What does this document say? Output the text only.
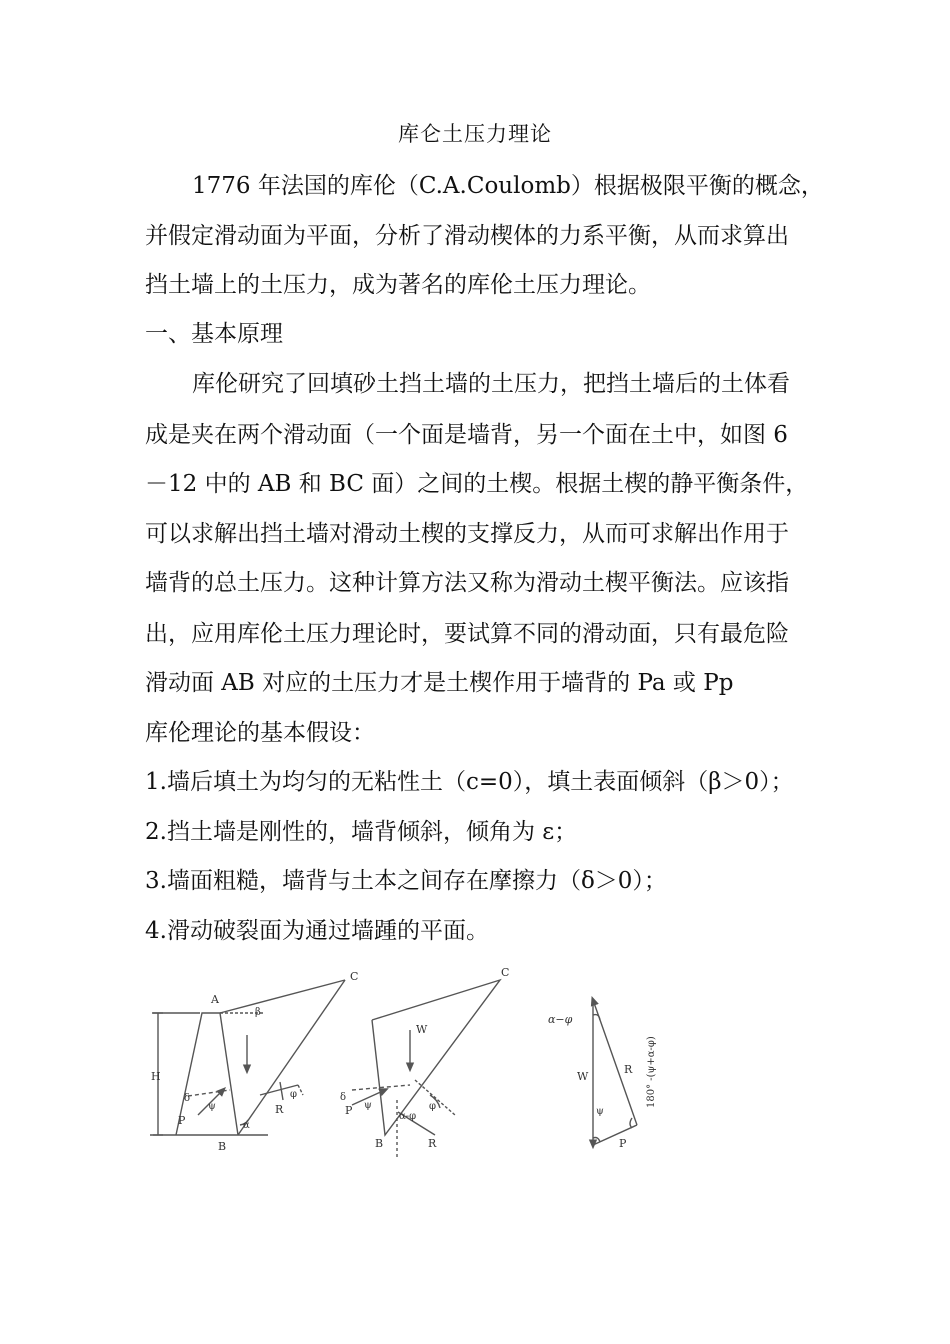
库仑土压力理论
1776 年法国的库伦（C.A.Coulomb）根据极限平衡的概念，
并假定滑动面为平面，分析了滑动楔体的力系平衡，从而求算出
挡土墙上的土压力，成为著名的库伦土压力理论。
一、基本原理
库伦研究了回填砂土挡土墙的土压力，把挡土墙后的土体看
成是夹在两个滑动面（一个面是墙背，另一个面在土中，如图 6
－12 中的 AB 和 BC 面）之间的土楔。根据土楔的静平衡条件，
可以求解出挡土墙对滑动土楔的支撑反力，从而可求解出作用于
墙背的总土压力。这种计算方法又称为滑动土楔平衡法。应该指
出，应用库伦土压力理论时，要试算不同的滑动面，只有最危险
滑动面 AB 对应的土压力才是土楔作用于墙背的 Pa 或 Pp
库伦理论的基本假设：
1.墙后填土为均匀的无粘性土（c=0），填土表面倾斜（β＞0）；
2.挡土墙是刚性的，墙背倾斜，倾角为 ε；
3.墙面粗糙，墙背与土本之间存在摩擦力（δ＞0）；
4.滑动破裂面为通过墙踵的平面。
A
C
B
H
β
δ
ψ
P
φ
R
α
C
W
δ
P ψ
α-φ
φ
B	R
α−φ
W
R
ψ
P
180° -(ψ+α-φ)
